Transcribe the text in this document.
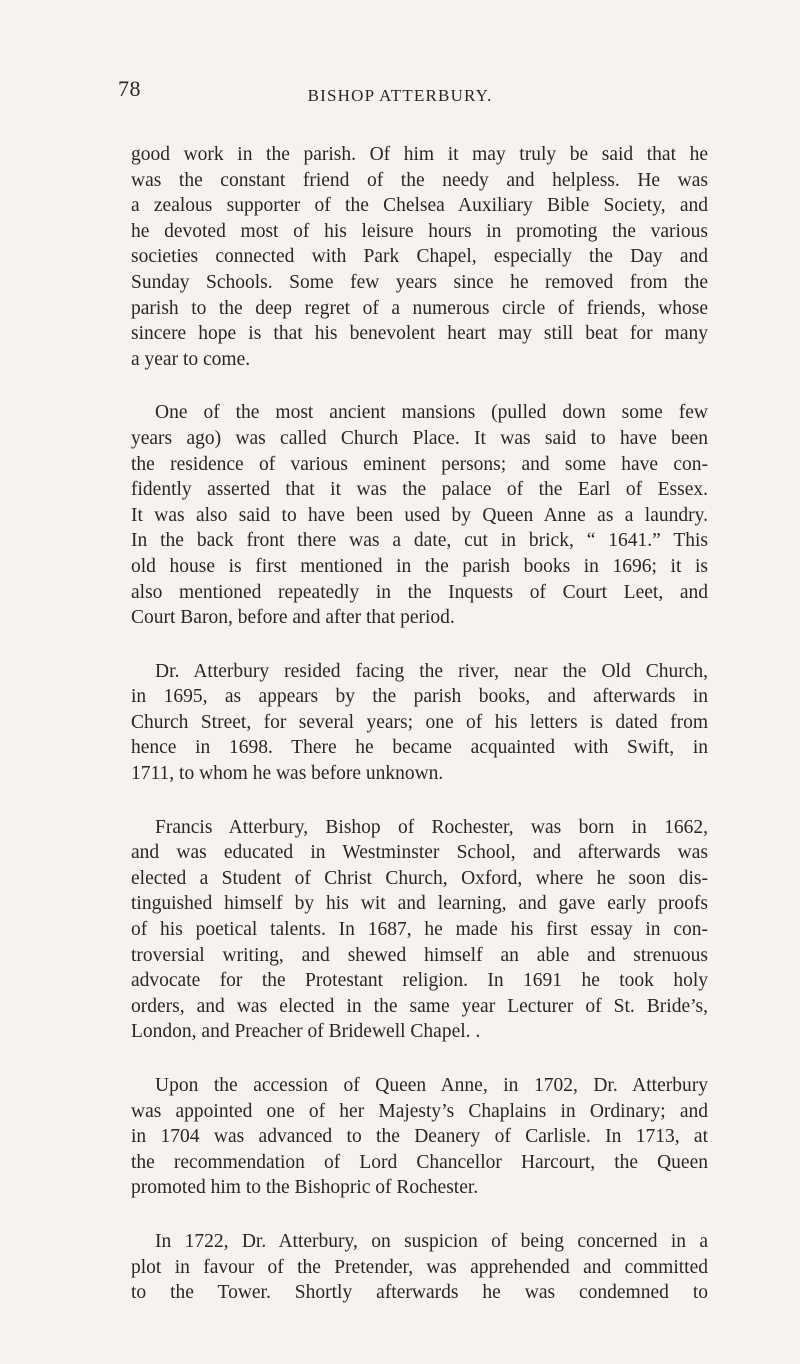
78	BISHOP ATTERBURY.

good work in the parish. Of him it may truly be said that he
was the constant friend of the needy and helpless. He was
a zealous supporter of the Chelsea Auxiliary Bible Society, and
he devoted most of his leisure hours in promoting the various
societies connected with Park Chapel, especially the Day and
Sunday Schools. Some few years since he removed from the
parish to the deep regret of a numerous circle of friends, whose
sincere hope is that his benevolent heart may still beat for many
a year to come.

One of the most ancient mansions (pulled down some few
years ago) was called Church Place. It was said to have been
the residence of various eminent persons; and some have con-
fidently asserted that it was the palace of the Earl of Essex.
It was also said to have been used by Queen Anne as a laundry.
In the back front there was a date, cut in brick, “ 1641.” This
old house is first mentioned in the parish books in 1696; it is
also mentioned repeatedly in the Inquests of Court Leet, and
Court Baron, before and after that period.

Dr. Atterbury resided facing the river, near the Old Church,
in 1695, as appears by the parish books, and afterwards in
Church Street, for several years; one of his letters is dated from
hence in 1698. There he became acquainted with Swift, in
1711, to whom he was before unknown.

Francis Atterbury, Bishop of Rochester, was born in 1662,
and was educated in Westminster School, and afterwards was
elected a Student of Christ Church, Oxford, where he soon dis-
tinguished himself by his wit and learning, and gave early proofs
of his poetical talents. In 1687, he made his first essay in con-
troversial writing, and shewed himself an able and strenuous
advocate for the Protestant religion. In 1691 he took holy
orders, and was elected in the same year Lecturer of St. Bride’s,
London, and Preacher of Bridewell Chapel. .

Upon the accession of Queen Anne, in 1702, Dr. Atterbury
was appointed one of her Majesty’s Chaplains in Ordinary; and
in 1704 was advanced to the Deanery of Carlisle. In 1713, at
the recommendation of Lord Chancellor Harcourt, the Queen
promoted him to the Bishopric of Rochester.

In 1722, Dr. Atterbury, on suspicion of being concerned in a
plot in favour of the Pretender, was apprehended and committed
to the Tower. Shortly afterwards he was condemned to
